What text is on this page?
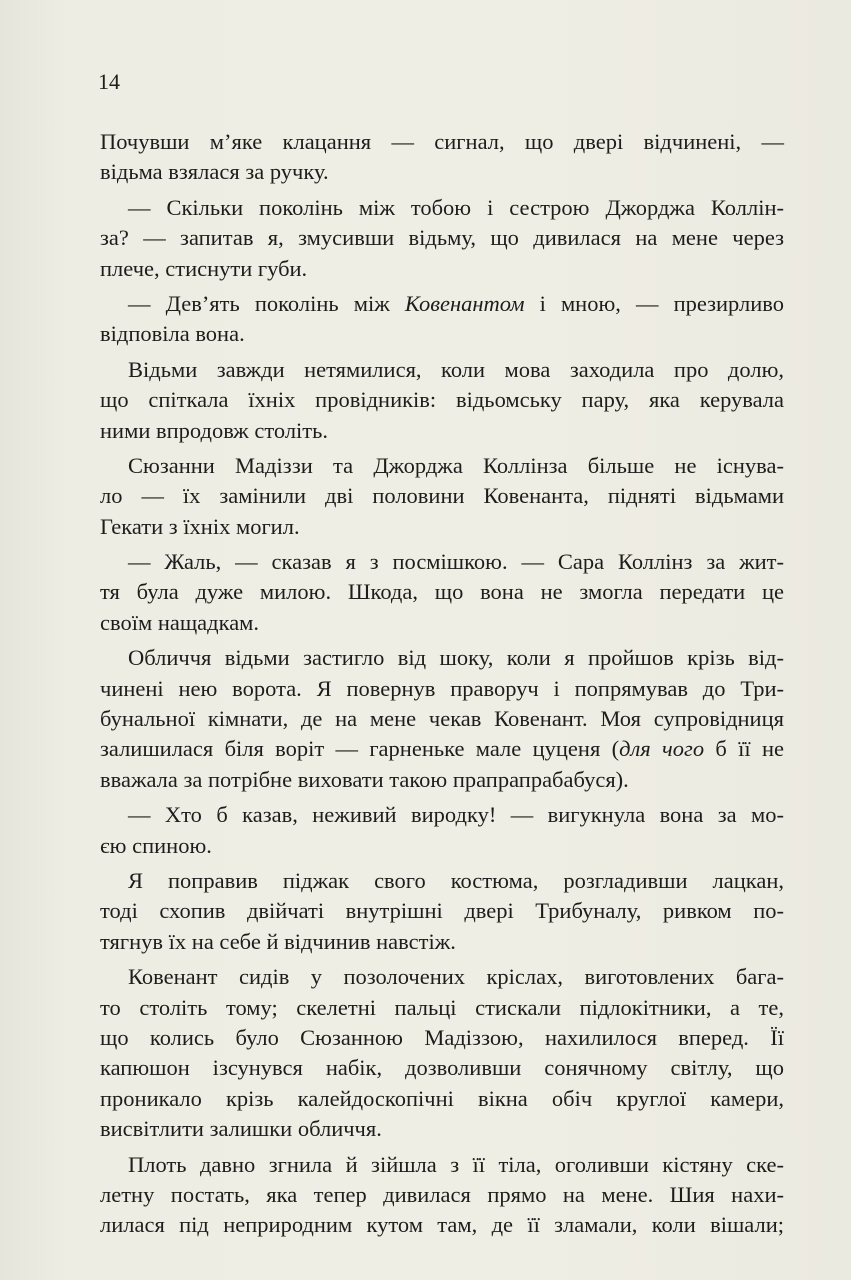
14
Почувши м’яке клацання — сигнал, що двері відчинені, —
відьма взялася за ручку.
— Скільки поколінь між тобою і сестрою Джорджа Коллін-
за? — запитав я, змусивши відьму, що дивилася на мене через
плече, стиснути губи.
— Дев’ять поколінь між Ковенантом і мною, — презирливо
відповіла вона.
Відьми завжди нетямилися, коли мова заходила про долю,
що спіткала їхніх провідників: відьомську пару, яка керувала
ними впродовж століть.
Сюзанни Мадіззи та Джорджа Коллінза більше не існува-
ло — їх замінили дві половини Ковенанта, підняті відьмами
Гекати з їхніх могил.
— Жаль, — сказав я з посмішкою. — Сара Коллінз за жит-
тя була дуже милою. Шкода, що вона не змогла передати це
своїм нащадкам.
Обличчя відьми застигло від шоку, коли я пройшов крізь від-
чинені нею ворота. Я повернув праворуч і попрямував до Три-
бунальної кімнати, де на мене чекав Ковенант. Моя супровідниця
залишилася біля воріт — гарненьке мале цуценя (для чого б її не
вважала за потрібне виховати такою прапрапрабабуся).
— Хто б казав, неживий виродку! — вигукнула вона за мо-
єю спиною.
Я поправив піджак свого костюма, розгладивши лацкан,
тоді схопив двійчаті внутрішні двері Трибуналу, ривком по-
тягнув їх на себе й відчинив навстіж.
Ковенант сидів у позолочених кріслах, виготовлених бага-
то століть тому; скелетні пальці стискали підлокітники, а те,
що колись було Сюзанною Мадіззою, нахилилося вперед. Її
капюшон ізсунувся набік, дозволивши сонячному світлу, що
проникало крізь калейдоскопічні вікна обіч круглої камери,
висвітлити залишки обличчя.
Плоть давно згнила й зійшла з її тіла, оголивши кістяну ске-
летну постать, яка тепер дивилася прямо на мене. Шия нахи-
лилася під неприродним кутом там, де її зламали, коли вішали;
